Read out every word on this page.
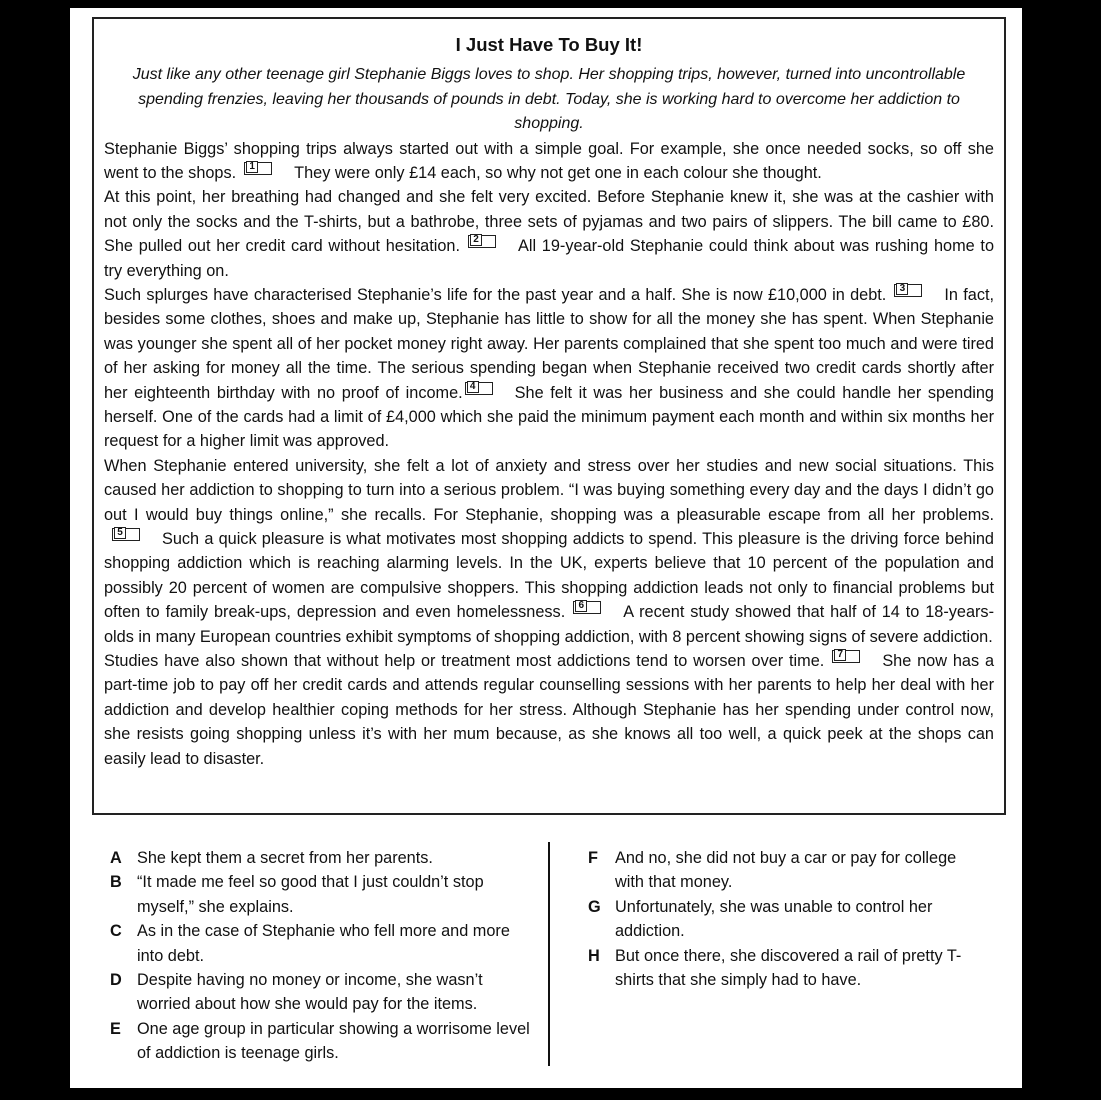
I Just Have To Buy It!
Just like any other teenage girl Stephanie Biggs loves to shop. Her shopping trips, however, turned into uncontrollable spending frenzies, leaving her thousands of pounds in debt. Today, she is working hard to overcome her addiction to shopping.

Stephanie Biggs’ shopping trips always started out with a simple goal. For example, she once needed socks, so off she went to the shops.	1 They were only £14 each, so why not get one in each colour she thought.

At this point, her breathing had changed and she felt very excited. Before Stephanie knew it, she was at the cashier with not only the socks and the T-shirts, but a bathrobe, three sets of pyjamas and two pairs of slippers. The bill came to £80. She pulled out her credit card without hesitation.	2 All 19-year-old Stephanie could think about was rushing home to try everything on.

Such splurges have characterised Stephanie’s life for the past year and a half. She is now £10,000 in debt.	3 In fact, besides some clothes, shoes and make up, Stephanie has little to show for all the money she has spent. When Stephanie was younger she spent all of her pocket money right away. Her parents complained that she spent too much and were tired of her asking for money all the time. The serious spending began when Stephanie received two credit cards shortly after her eighteenth birthday with no proof of income. 4 She felt it was her business and she could handle her spending herself. One of the cards had a limit of £4,000 which she paid the minimum payment each month and within six months her request for a higher limit was approved.

When Stephanie entered university, she felt a lot of anxiety and stress over her studies and new social situations. This caused her addiction to shopping to turn into a serious problem. “I was buying something every day and the days I didn’t go out I would buy things online,” she recalls. For Stephanie, shopping was a pleasurable escape from all her problems.
5 Such a quick pleasure is what motivates most shopping addicts to spend. This pleasure is the driving force behind shopping addiction which is reaching alarming levels. In the UK, experts believe that 10 percent of the population and possibly 20 percent of women are compulsive shoppers. This shopping addiction leads not only to financial problems but often to family break-ups, depression and even homelessness.	6 A recent study showed that half of 14 to 18-years-olds in many European countries exhibit symptoms of shopping addiction, with 8 percent showing signs of severe addiction.

Studies have also shown that without help or treatment most addictions tend to worsen over time.	7 She now has a part-time job to pay off her credit cards and attends regular counselling sessions with her parents to help her deal with her addiction and develop healthier coping methods for her stress. Although Stephanie has her spending under control now, she resists going shopping unless it’s with her mum because, as she knows all too well, a quick peek at the shops can easily lead to disaster.

A She kept them a secret from her parents.
B “It made me feel so good that I just couldn’t stop myself,” she explains.
C As in the case of Stephanie who fell more and more into debt.
D Despite having no money or income, she wasn’t worried about how she would pay for the items.
E One age group in particular showing a worrisome level of addiction is teenage girls.
F	And no, she did not buy a car or pay for college with that money.
G Unfortunately, she was unable to control her addiction.
H But once there, she discovered a rail of pretty T-shirts that she simply had to have.
